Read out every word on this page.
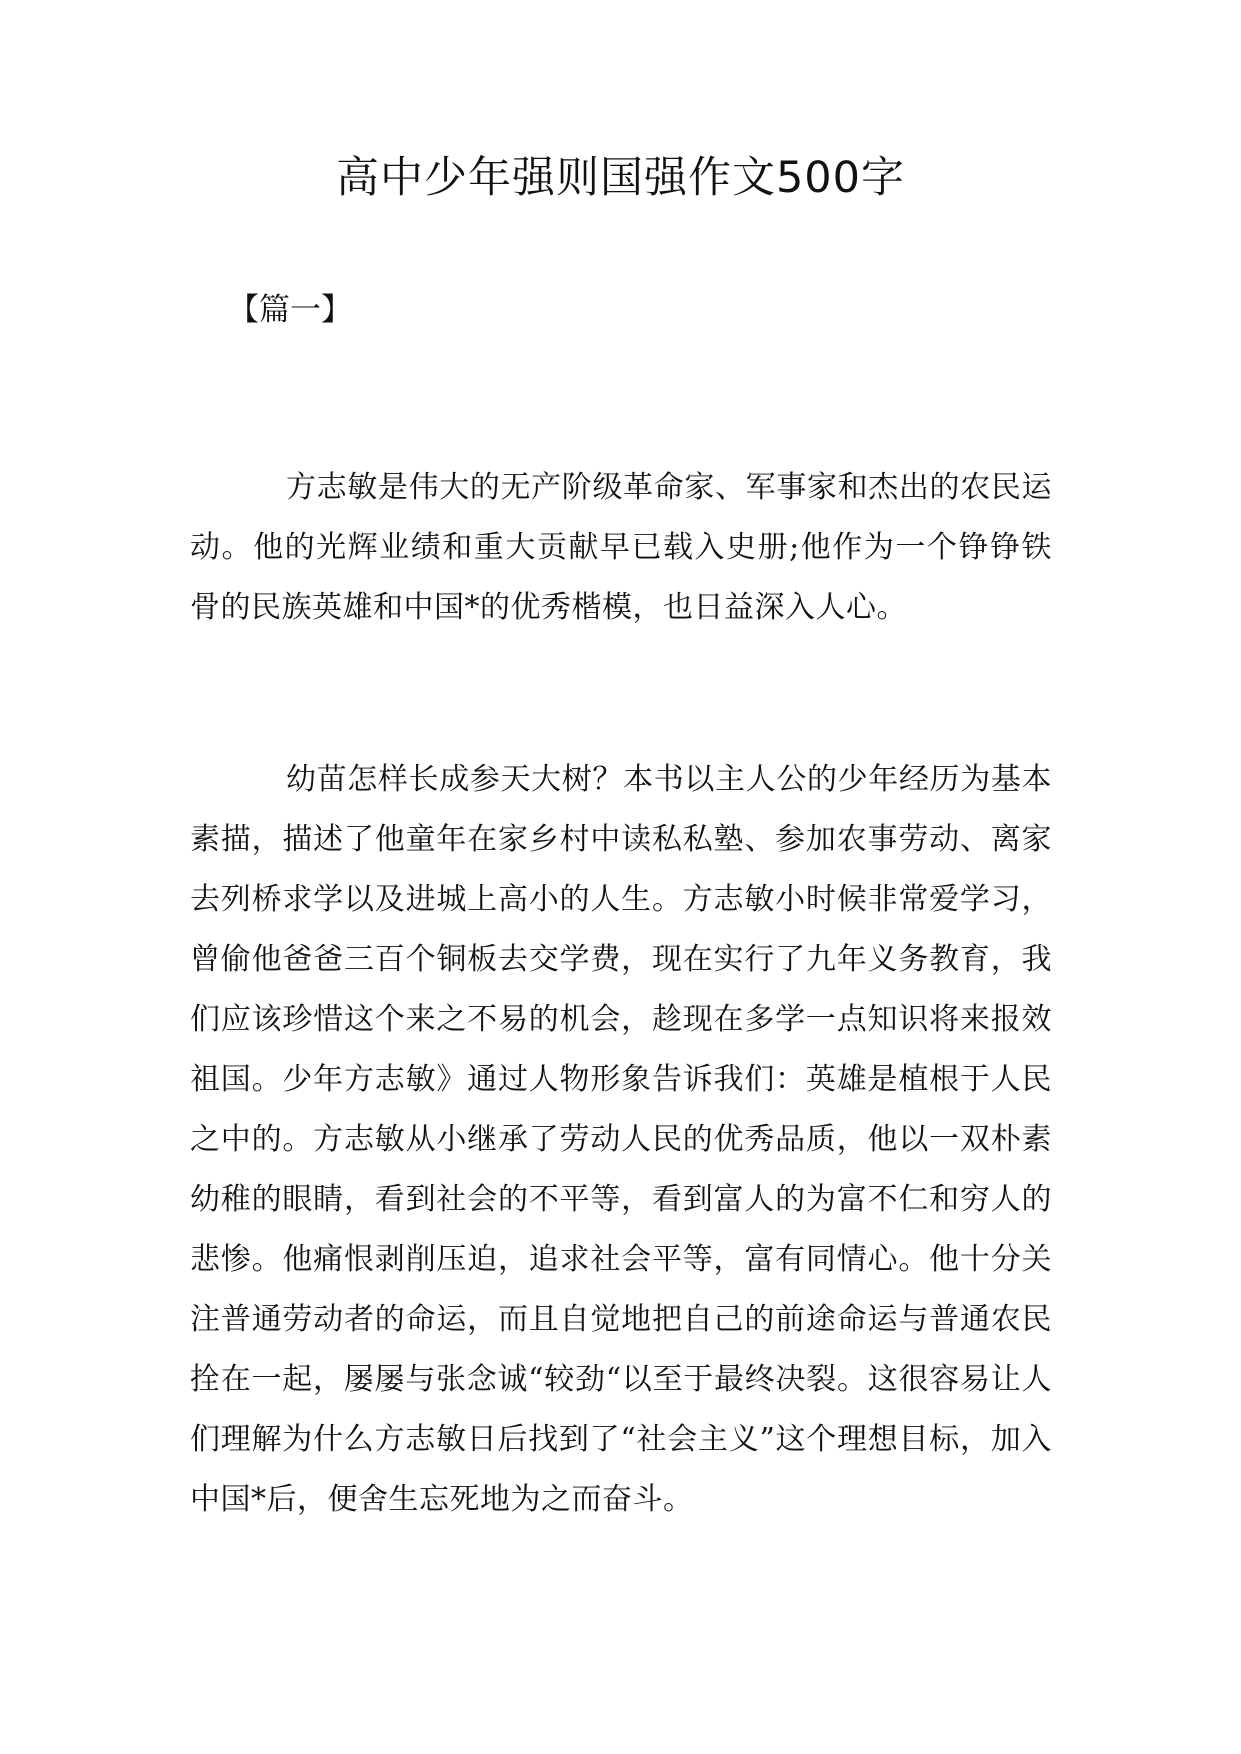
高中少年强则国强作文500字

【篇一】

方志敏是伟大的无产阶级革命家、军事家和杰出的农民运动。他的光辉业绩和重大贡献早已载入史册;他作为一个铮铮铁骨的民族英雄和中国*的优秀楷模，也日益深入人心。

幼苗怎样长成参天大树？本书以主人公的少年经历为基本素描，描述了他童年在家乡村中读私私塾、参加农事劳动、离家去列桥求学以及进城上高小的人生。方志敏小时候非常爱学习，曾偷他爸爸三百个铜板去交学费，现在实行了九年义务教育，我们应该珍惜这个来之不易的机会，趁现在多学一点知识将来报效祖国。少年方志敏》通过人物形象告诉我们：英雄是植根于人民之中的。方志敏从小继承了劳动人民的优秀品质，他以一双朴素幼稚的眼睛，看到社会的不平等，看到富人的为富不仁和穷人的悲惨。他痛恨剥削压迫，追求社会平等，富有同情心。他十分关注普通劳动者的命运，而且自觉地把自己的前途命运与普通农民拴在一起，屡屡与张念诚“较劲“以至于最终决裂。这很容易让人们理解为什么方志敏日后找到了“社会主义”这个理想目标，加入中国*后，便舍生忘死地为之而奋斗。
